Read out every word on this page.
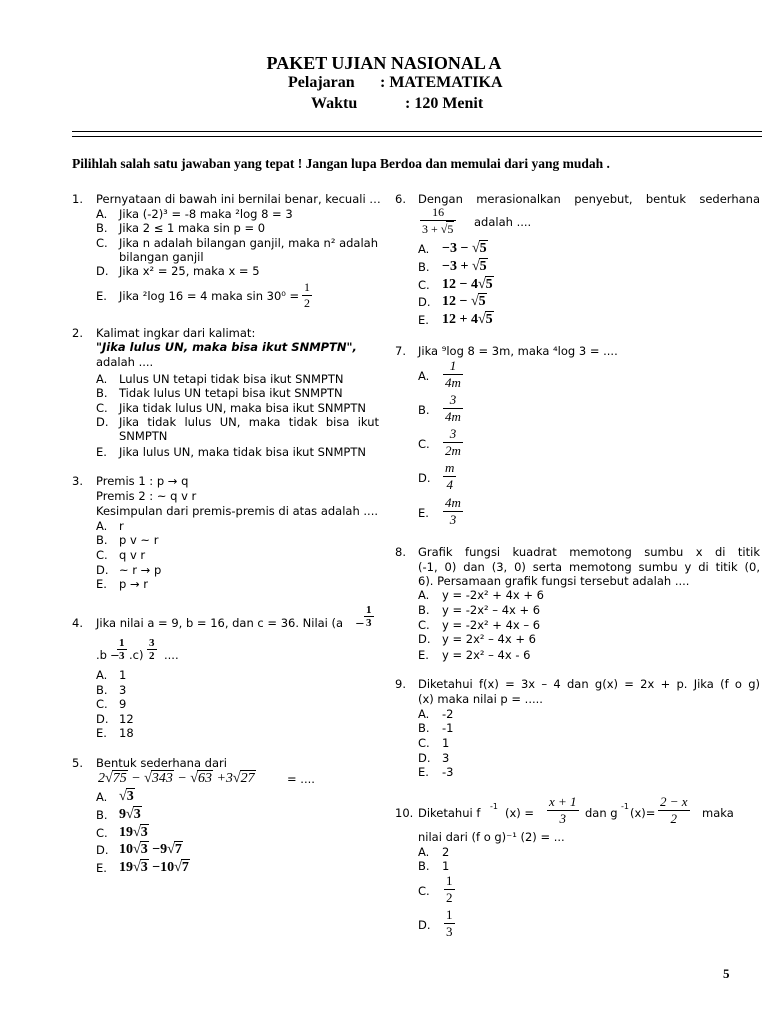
PAKET UJIAN NASIONAL A
Pelajaran : MATEMATIKA
Waktu	: 120 Menit
Pilihlah salah satu jawaban yang tepat ! Jangan lupa Berdoa dan memulai dari yang mudah .
1. Pernyataan di bawah ini bernilai benar, kecuali …
A. Jika (-2)³ = -8 maka ²log 8 = 3
B. Jika 2 ≤ 1 maka sin p = 0
C. Jika n adalah bilangan ganjil, maka n² adalah
bilangan ganjil
D. Jika x² = 25, maka x = 5
E. Jika ²log 16 = 4 maka $\sin 30^0 = \frac{1}{2}$
2. Kalimat ingkar dari kalimat:
"Jika lulus UN, maka bisa ikut SNMPTN",
adalah ....
A. Lulus UN tetapi tidak bisa ikut SNMPTN
B. Tidak lulus UN tetapi bisa ikut SNMPTN
C. Jika tidak lulus UN, maka bisa ikut SNMPTN
D. Jika tidak lulus UN, maka tidak bisa ikut
SNMPTN
E. Jika lulus UN, maka tidak bisa ikut SNMPTN
3. Premis 1 : p → q
Premis 2 : ~ q v r
Kesimpulan dari premis-premis di atas adalah ....
A. r
B. p v ~ r
C. q v r
D. ~ r → p
E. p → r
4. Jika nilai a = 9, b = 16, dan c = 36. Nilai ($a - \frac{1}{3}$
.b −
$\frac{1}{3} .c) \frac{3}{2}$ ....
A. 1
B. 3
C. 9
D. 12
E. 18
5. Bentuk sederhana dari
2√75 − √343 − √63 +3√27	= ....
A. √3
B. 9√3
C. 19√3
D. 10√3 −9√7
E. 19√3 −10√7
6. Dengan merasionalkan penyebut, bentuk sederhana
$\frac{16}{3 + √5}$ adalah ....
A. −3 − √5
B. −3 + √5
C. 12 − 4√5
D. 12 − √5
E. 12 + 4√5
7. Jika ⁹log 8 = 3m, maka ⁴log 3 = ....
A. $\frac{1}{4m}$
B. $\frac{3}{4m}$
C. $\frac{3}{2m}$
D. $\frac{m}{4}$
E. $\frac{4m}{3}$
8. Grafik fungsi kuadrat memotong sumbu x di titik
(-1, 0) dan (3, 0) serta memotong sumbu y di titik (0,
6). Persamaan grafik fungsi tersebut adalah ....
A. y = -2x² + 4x + 6
B. y = -2x² – 4x + 6
C. y = -2x² + 4x – 6
D. y = 2x² – 4x + 6
E. y = 2x² – 4x - 6
9. Diketahui f(x) = 3x – 4 dan g(x) = 2x + p. Jika (f o g)
(x) maka nilai p = .....
A. -2
B. -1
C. 1
D. 3
E. -3
10. Diketahui f -1 $(x) = \frac{x + 1}{3}$ dan g -1 $(x)= \frac{2 - x}{2}$ maka
nilai dari (f o g)⁻¹ (2) = ...
A. 2
B. 1
C. $\frac{1}{2}$
D. $\frac{1}{3}$
5
